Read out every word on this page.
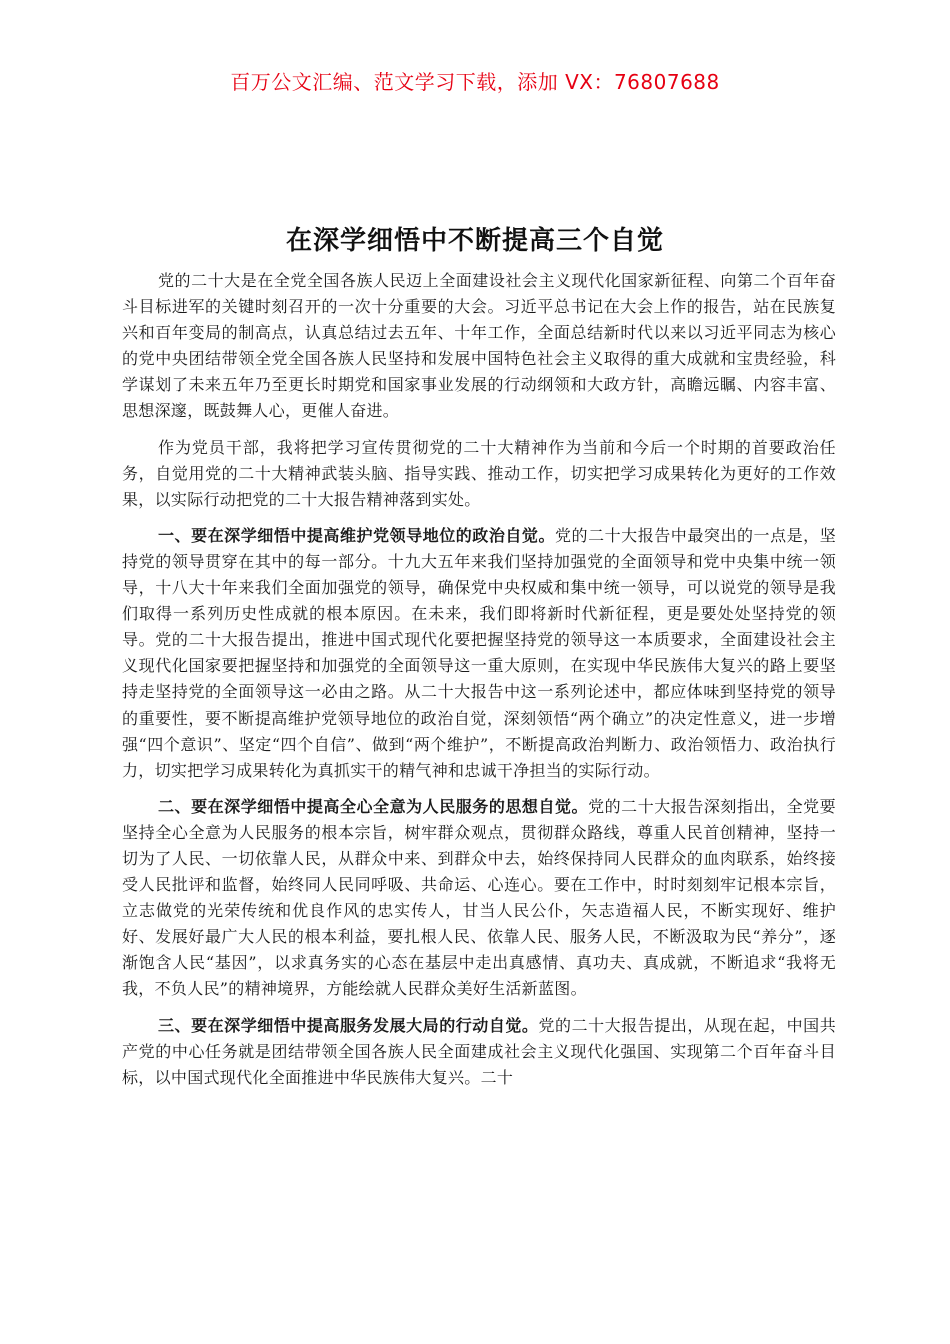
百万公文汇编、范文学习下载，添加 VX：76807688
在深学细悟中不断提高三个自觉

党的二十大是在全党全国各族人民迈上全面建设社会主义现代化国家新征程、向第二个百年奋斗目标进军的关键时刻召开的一次十分重要的大会。习近平总书记在大会上作的报告，站在民族复兴和百年变局的制高点，认真总结过去五年、十年工作，全面总结新时代以来以习近平同志为核心的党中央团结带领全党全国各族人民坚持和发展中国特色社会主义取得的重大成就和宝贵经验，科学谋划了未来五年乃至更长时期党和国家事业发展的行动纲领和大政方针，高瞻远瞩、内容丰富、思想深邃，既鼓舞人心，更催人奋进。

作为党员干部，我将把学习宣传贯彻党的二十大精神作为当前和今后一个时期的首要政治任务，自觉用党的二十大精神武装头脑、指导实践、推动工作，切实把学习成果转化为更好的工作效果，以实际行动把党的二十大报告精神落到实处。

一、要在深学细悟中提高维护党领导地位的政治自觉。党的二十大报告中最突出的一点是，坚持党的领导贯穿在其中的每一部分。十九大五年来我们坚持加强党的全面领导和党中央集中统一领导，十八大十年来我们全面加强党的领导，确保党中央权威和集中统一领导，可以说党的领导是我们取得一系列历史性成就的根本原因。在未来，我们即将新时代新征程，更是要处处坚持党的领导。党的二十大报告提出，推进中国式现代化要把握坚持党的领导这一本质要求，全面建设社会主义现代化国家要把握坚持和加强党的全面领导这一重大原则，在实现中华民族伟大复兴的路上要坚持走坚持党的全面领导这一必由之路。从二十大报告中这一系列论述中，都应体味到坚持党的领导的重要性，要不断提高维护党领导地位的政治自觉，深刻领悟“两个确立”的决定性意义，进一步增强“四个意识”、坚定“四个自信”、做到“两个维护”，不断提高政治判断力、政治领悟力、政治执行力，切实把学习成果转化为真抓实干的精气神和忠诚干净担当的实际行动。

二、要在深学细悟中提高全心全意为人民服务的思想自觉。党的二十大报告深刻指出，全党要坚持全心全意为人民服务的根本宗旨，树牢群众观点，贯彻群众路线，尊重人民首创精神，坚持一切为了人民、一切依靠人民，从群众中来、到群众中去，始终保持同人民群众的血肉联系，始终接受人民批评和监督，始终同人民同呼吸、共命运、心连心。要在工作中，时时刻刻牢记根本宗旨，立志做党的光荣传统和优良作风的忠实传人，甘当人民公仆，矢志造福人民，不断实现好、维护好、发展好最广大人民的根本利益，要扎根人民、依靠人民、服务人民，不断汲取为民“养分”，逐渐饱含人民“基因”，以求真务实的心态在基层中走出真感情、真功夫、真成就，不断追求“我将无我，不负人民”的精神境界，方能绘就人民群众美好生活新蓝图。

三、要在深学细悟中提高服务发展大局的行动自觉。党的二十大报告提出，从现在起，中国共产党的中心任务就是团结带领全国各族人民全面建成社会主义现代化强国、实现第二个百年奋斗目标，以中国式现代化全面推进中华民族伟大复兴。二十
